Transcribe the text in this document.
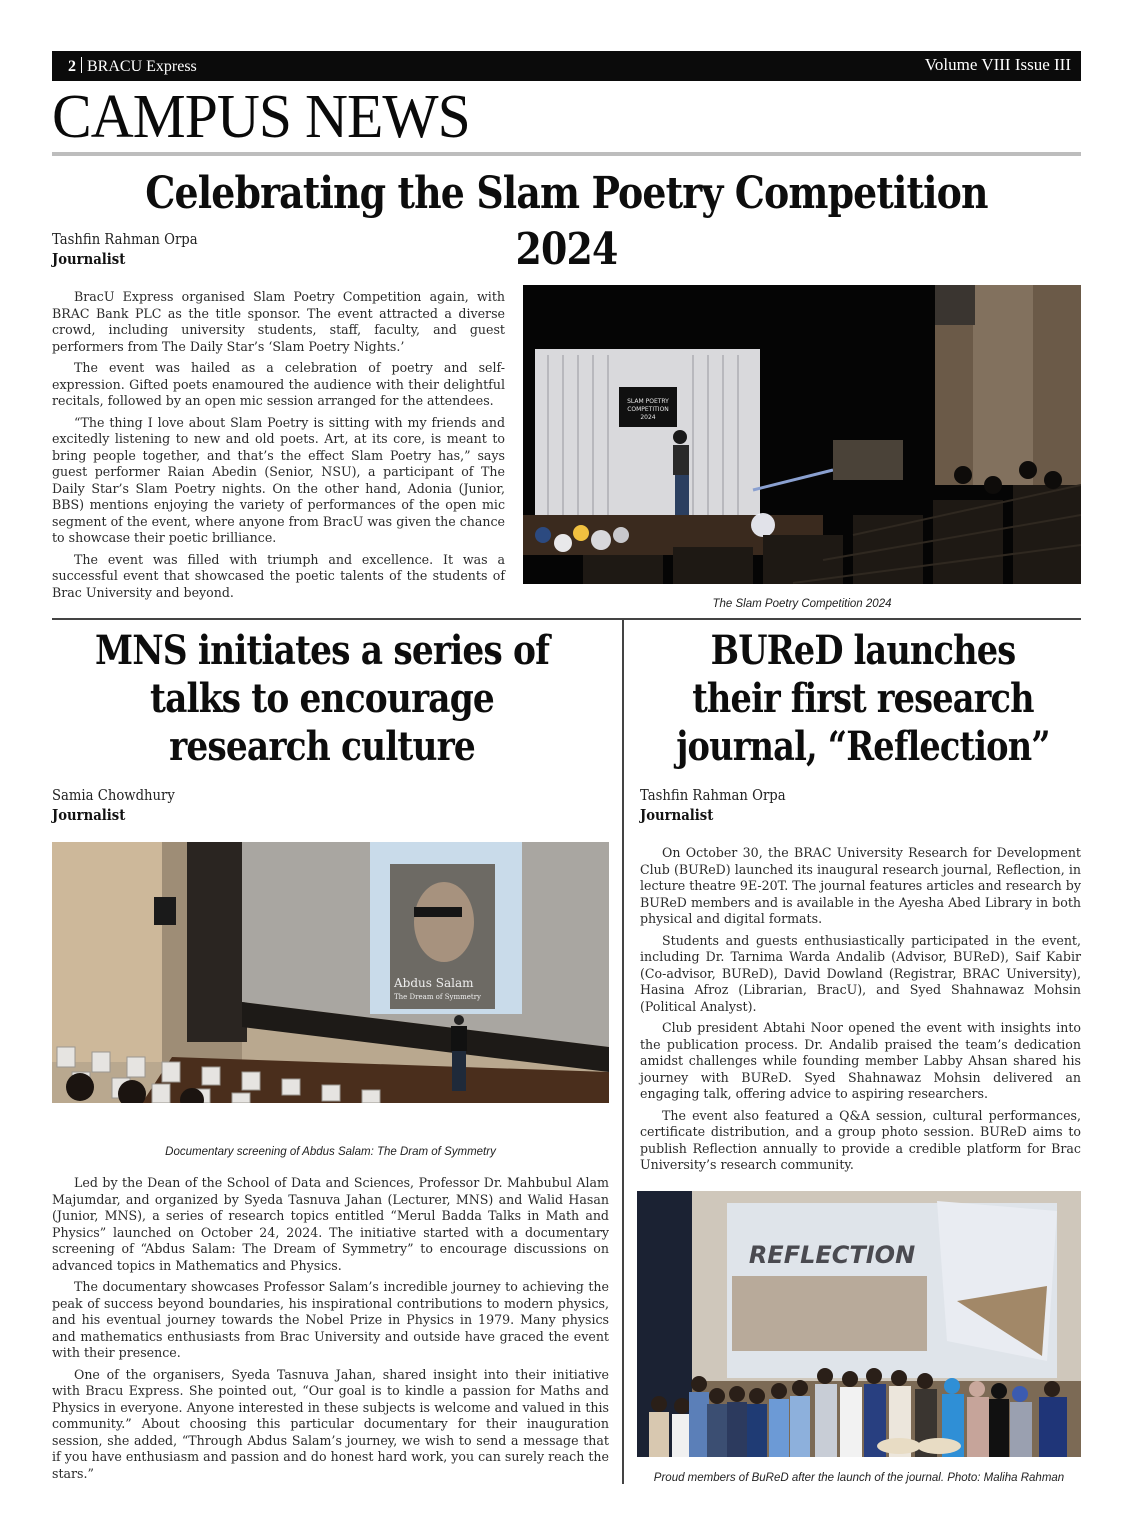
2 BRACU Express	Volume VIII Issue III
CAMPUS NEWS
Celebrating the Slam Poetry Competition 2024
Tashfin Rahman Orpa
Journalist

BracU Express organised Slam Poetry Competition again, with BRAC Bank PLC as the title sponsor. The event attracted a diverse crowd, including university students, staff, faculty, and guest performers from The Daily Star’s ‘Slam Poetry Nights.’

The event was hailed as a celebration of poetry and self-expression. Gifted poets enamoured the audience with their delightful recitals, followed by an open mic session arranged for the attendees.

“The thing I love about Slam Poetry is sitting with my friends and excitedly listening to new and old poets. Art, at its core, is meant to bring people together, and that’s the effect Slam Poetry has,” says guest performer Raian Abedin (Senior, NSU), a participant of The Daily Star’s Slam Poetry nights. On the other hand, Adonia (Junior, BBS) mentions enjoying the variety of performances of the open mic segment of the event, where anyone from BracU was given the chance to showcase their poetic brilliance.

The event was filled with triumph and excellence. It was a successful event that showcased the poetic talents of the students of Brac University and beyond.

SLAM POETRY
COMPETITION
2024
The Slam Poetry Competition 2024
MNS initiates a series of talks to encourage research culture
Samia Chowdhury
Journalist
Abdus Salam
The Dream of Symmetry
Documentary screening of Abdus Salam: The Dram of Symmetry

Led by the Dean of the School of Data and Sciences, Professor Dr. Mahbubul Alam Majumdar, and organized by Syeda Tasnuva Jahan (Lecturer, MNS) and Walid Hasan (Junior, MNS), a series of research topics entitled “Merul Badda Talks in Math and Physics” launched on October 24, 2024. The initiative started with a documentary screening of “Abdus Salam: The Dream of Symmetry” to encourage discussions on advanced topics in Mathematics and Physics.

The documentary showcases Professor Salam’s incredible journey to achieving the peak of success beyond boundaries, his inspirational contributions to modern physics, and his eventual journey towards the Nobel Prize in Physics in 1979. Many physics and mathematics enthusiasts from Brac University and outside have graced the event with their presence.

One of the organisers, Syeda Tasnuva Jahan, shared insight into their initiative with Bracu Express. She pointed out, “Our goal is to kindle a passion for Maths and Physics in everyone. Anyone interested in these subjects is welcome and valued in this community.” About choosing this particular documentary for their inauguration session, she added, “Through Abdus Salam’s journey, we wish to send a message that if you have enthusiasm and passion and do honest hard work, you can surely reach the stars.”

BUReD launches their first research journal, “Reflection”
Tashfin Rahman Orpa
Journalist

On October 30, the BRAC University Research for Development Club (BUReD) launched its inaugural research journal, Reflection, in lecture theatre 9E-20T. The journal features articles and research by BUReD members and is available in the Ayesha Abed Library in both physical and digital formats.

Students and guests enthusiastically participated in the event, including Dr. Tarnima Warda Andalib (Advisor, BUReD), Saif Kabir (Co-advisor, BUReD), David Dowland (Registrar, BRAC University), Hasina Afroz (Librarian, BracU), and Syed Shahnawaz Mohsin (Political Analyst).

Club president Abtahi Noor opened the event with insights into the publication process. Dr. Andalib praised the team’s dedication amidst challenges while founding member Labby Ahsan shared his journey with BUReD. Syed Shahnawaz Mohsin delivered an engaging talk, offering advice to aspiring researchers.

The event also featured a Q&A session, cultural performances, certificate distribution, and a group photo session. BUReD aims to publish Reflection annually to provide a credible platform for Brac University’s research community.

REFLECTION
Proud members of BuReD after the launch of the journal. Photo: Maliha Rahman
